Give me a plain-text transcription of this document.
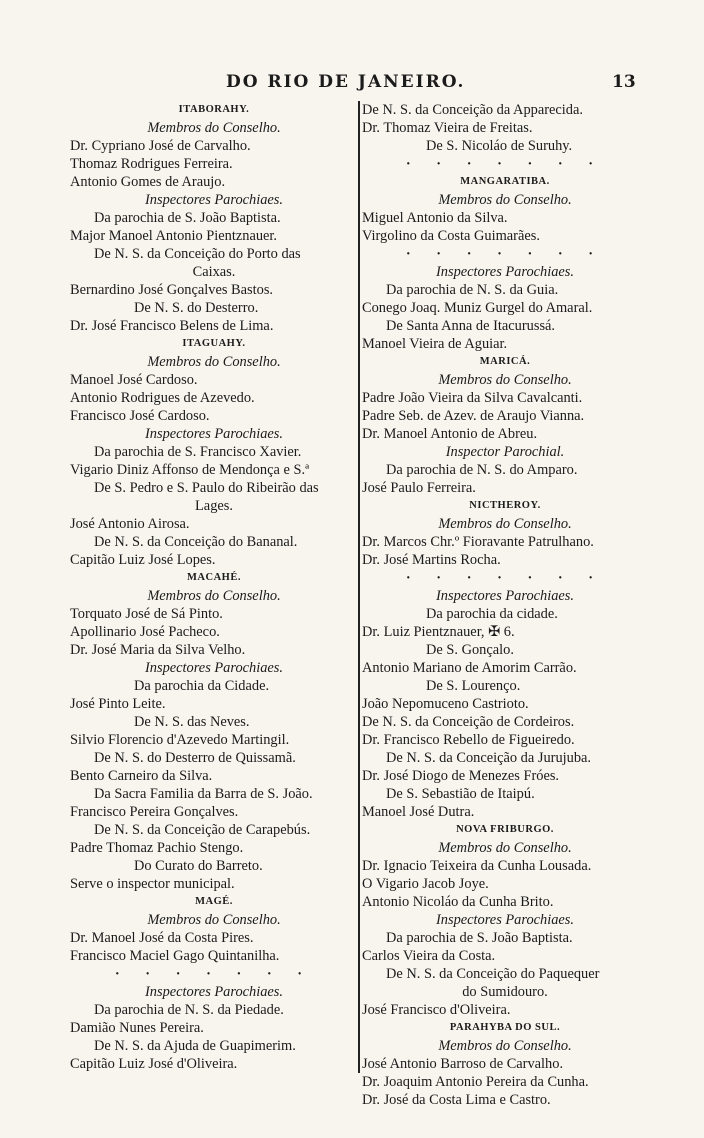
DO RIO DE JANEIRO.	13
ITABORAHY.
Membros do Conselho.
Dr. Cypriano José de Carvalho.
Thomaz Rodrigues Ferreira.
Antonio Gomes de Araujo.
Inspectores Parochiaes.
Da parochia de S. João Baptista.
Major Manoel Antonio Pientznauer.
De N. S. da Conceição do Porto das
Caixas.
Bernardino José Gonçalves Bastos.
De N. S. do Desterro.
Dr. José Francisco Belens de Lima.
ITAGUAHY.
Membros do Conselho.
Manoel José Cardoso.
Antonio Rodrigues de Azevedo.
Francisco José Cardoso.
Inspectores Parochiaes.
Da parochia de S. Francisco Xavier.
Vigario Diniz Affonso de Mendonça e S.ª
De S. Pedro e S. Paulo do Ribeirão das
Lages.
José Antonio Airosa.
De N. S. da Conceição do Bananal.
Capitão Luiz José Lopes.
MACAHÉ.
Membros do Conselho.
Torquato José de Sá Pinto.
Apollinario José Pacheco.
Dr. José Maria da Silva Velho.
Inspectores Parochiaes.
Da parochia da Cidade.
José Pinto Leite.
De N. S. das Neves.
Silvio Florencio d'Azevedo Martingil.
De N. S. do Desterro de Quissamã.
Bento Carneiro da Silva.
Da Sacra Familia da Barra de S. João.
Francisco Pereira Gonçalves.
De N. S. da Conceição de Carapebús.
Padre Thomaz Pachio Stengo.
Do Curato do Barreto.
Serve o inspector municipal.
MAGÉ.
Membros do Conselho.
Dr. Manoel José da Costa Pires.
Francisco Maciel Gago Quintanilha.
· · · · · · ·
Inspectores Parochiaes.
Da parochia de N. S. da Piedade.
Damião Nunes Pereira.
De N. S. da Ajuda de Guapimerim.
Capitão Luiz José d'Oliveira.
De N. S. da Conceição da Apparecida.
Dr. Thomaz Vieira de Freitas.
De S. Nicoláo de Suruhy.
· · · · · · ·
MANGARATIBA.
Membros do Conselho.
Miguel Antonio da Silva.
Virgolino da Costa Guimarães.
· · · · · · ·
Inspectores Parochiaes.
Da parochia de N. S. da Guia.
Conego Joaq. Muniz Gurgel do Amaral.
De Santa Anna de Itacurussá.
Manoel Vieira de Aguiar.
MARICÁ.
Membros do Conselho.
Padre João Vieira da Silva Cavalcanti.
Padre Seb. de Azev. de Araujo Vianna.
Dr. Manoel Antonio de Abreu.
Inspector Parochial.
Da parochia de N. S. do Amparo.
José Paulo Ferreira.
NICTHEROY.
Membros do Conselho.
Dr. Marcos Chr.º Fioravante Patrulhano.
Dr. José Martins Rocha.
· · · · · · ·
Inspectores Parochiaes.
Da parochia da cidade.
Dr. Luiz Pientznauer, ✠ 6.
De S. Gonçalo.
Antonio Mariano de Amorim Carrão.
De S. Lourenço.
João Nepomuceno Castrioto.
De N. S. da Conceição de Cordeiros.
Dr. Francisco Rebello de Figueiredo.
De N. S. da Conceição da Jurujuba.
Dr. José Diogo de Menezes Fróes.
De S. Sebastião de Itaipú.
Manoel José Dutra.
NOVA FRIBURGO.
Membros do Conselho.
Dr. Ignacio Teixeira da Cunha Lousada.
O Vigario Jacob Joye.
Antonio Nicoláo da Cunha Brito.
Inspectores Parochiaes.
Da parochia de S. João Baptista.
Carlos Vieira da Costa.
De N. S. da Conceição do Paquequer
do Sumidouro.
José Francisco d'Oliveira.
PARAHYBA DO SUL.
Membros do Conselho.
José Antonio Barroso de Carvalho.
Dr. Joaquim Antonio Pereira da Cunha.
Dr. José da Costa Lima e Castro.
